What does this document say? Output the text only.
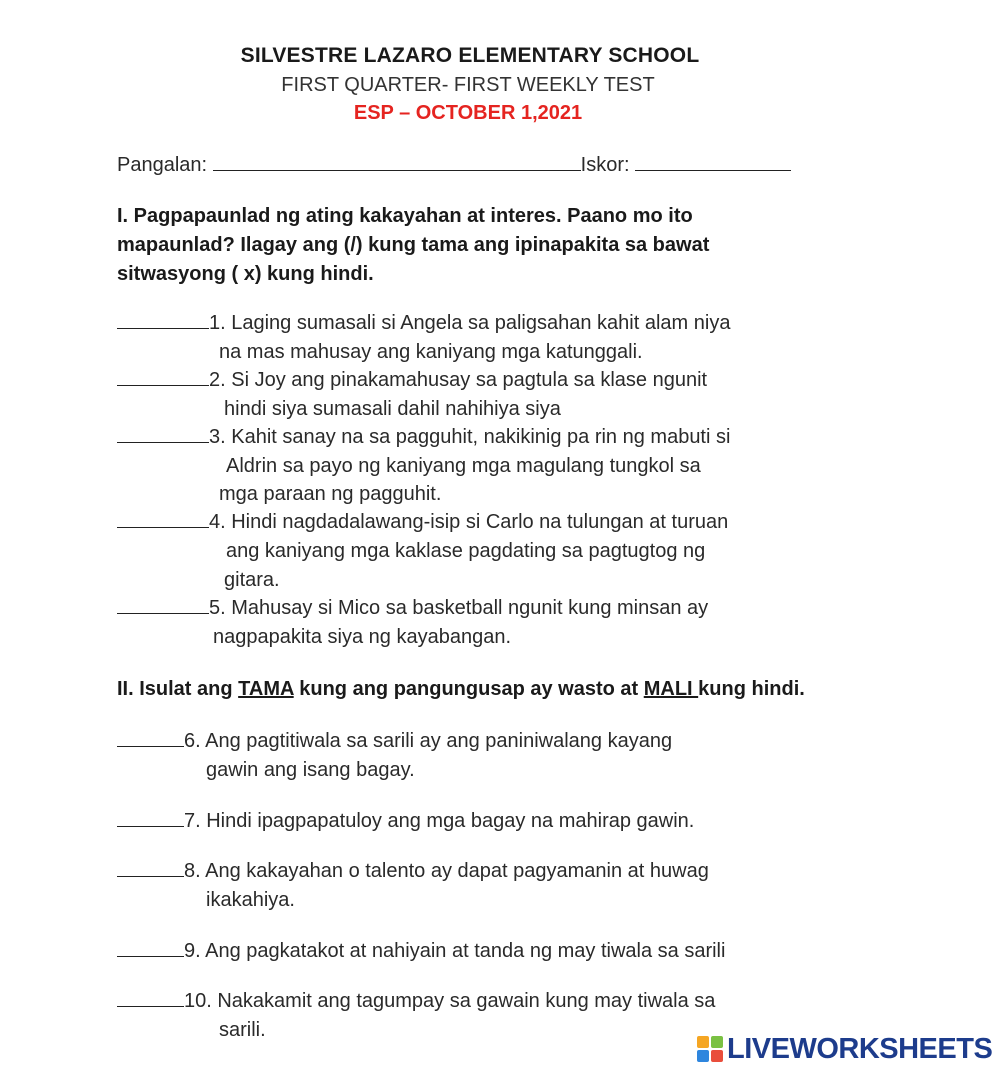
SILVESTRE LAZARO ELEMENTARY SCHOOL
FIRST QUARTER- FIRST WEEKLY TEST
ESP – OCTOBER 1,2021
Pangalan:	Iskor:
I. Pagpapaunlad ng ating kakayahan at interes. Paano mo ito
mapaunlad? Ilagay ang (/) kung tama ang ipinapakita sa bawat
sitwasyong ( x) kung hindi.
1. Laging sumasali si Angela sa paligsahan kahit alam niya
na mas mahusay ang kaniyang mga katunggali.
2. Si Joy ang pinakamahusay sa pagtula sa klase ngunit
hindi siya sumasali dahil nahihiya siya
3. Kahit sanay na sa pagguhit, nakikinig pa rin ng mabuti si
Aldrin sa payo ng kaniyang mga magulang tungkol sa
mga paraan ng pagguhit.
4. Hindi nagdadalawang-isip si Carlo na tulungan at turuan
ang kaniyang mga kaklase pagdating sa pagtugtog ng
gitara.
5. Mahusay si Mico sa basketball ngunit kung minsan ay
nagpapakita siya ng kayabangan.
II. Isulat ang TAMA kung ang pangungusap ay wasto at MALI kung hindi.
6. Ang pagtitiwala sa sarili ay ang paniniwalang kayang
gawin ang isang bagay.
7. Hindi ipagpapatuloy ang mga bagay na mahirap gawin.
8. Ang kakayahan o talento ay dapat pagyamanin at huwag
ikakahiya.
9. Ang pagkatakot at nahiyain at tanda ng may tiwala sa sarili
10. Nakakamit ang tagumpay sa gawain kung may tiwala sa
sarili.
LIVEWORKSHEETS
